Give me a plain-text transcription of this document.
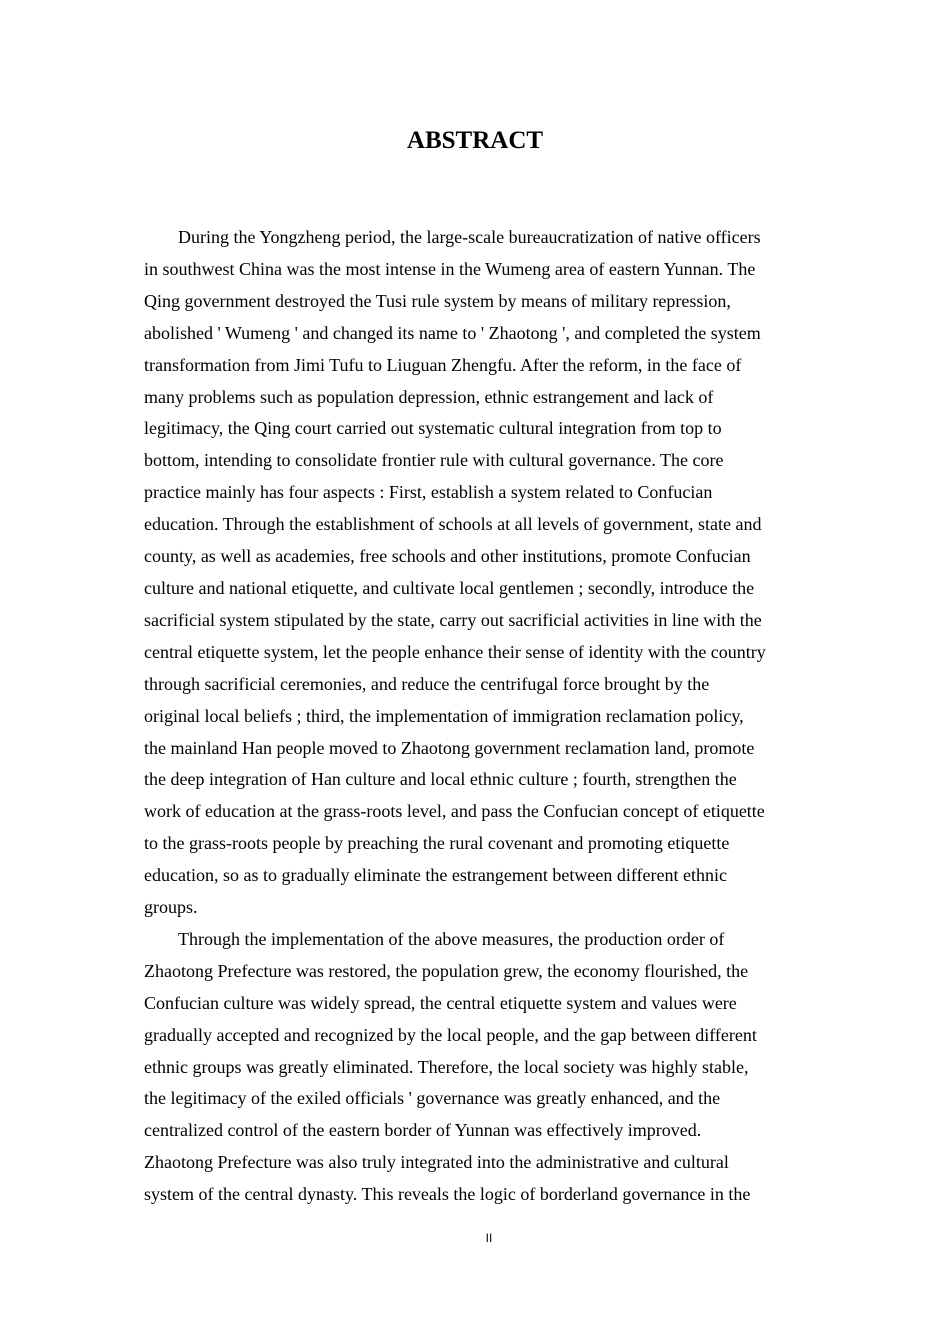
ABSTRACT
During the Yongzheng period, the large-scale bureaucratization of native officers
in southwest China was the most intense in the Wumeng area of eastern Yunnan. The
Qing government destroyed the Tusi rule system by means of military repression,
abolished ' Wumeng ' and changed its name to ' Zhaotong ', and completed the system
transformation from Jimi Tufu to Liuguan Zhengfu. After the reform, in the face of
many problems such as population depression, ethnic estrangement and lack of
legitimacy, the Qing court carried out systematic cultural integration from top to
bottom, intending to consolidate frontier rule with cultural governance. The core
practice mainly has four aspects : First, establish a system related to Confucian
education. Through the establishment of schools at all levels of government, state and
county, as well as academies, free schools and other institutions, promote Confucian
culture and national etiquette, and cultivate local gentlemen ; secondly, introduce the
sacrificial system stipulated by the state, carry out sacrificial activities in line with the
central etiquette system, let the people enhance their sense of identity with the country
through sacrificial ceremonies, and reduce the centrifugal force brought by the
original local beliefs ; third, the implementation of immigration reclamation policy,
the mainland Han people moved to Zhaotong government reclamation land, promote
the deep integration of Han culture and local ethnic culture ; fourth, strengthen the
work of education at the grass-roots level, and pass the Confucian concept of etiquette
to the grass-roots people by preaching the rural covenant and promoting etiquette
education, so as to gradually eliminate the estrangement between different ethnic
groups.
Through the implementation of the above measures, the production order of
Zhaotong Prefecture was restored, the population grew, the economy flourished, the
Confucian culture was widely spread, the central etiquette system and values were
gradually accepted and recognized by the local people, and the gap between different
ethnic groups was greatly eliminated. Therefore, the local society was highly stable,
the legitimacy of the exiled officials ' governance was greatly enhanced, and the
centralized control of the eastern border of Yunnan was effectively improved.
Zhaotong Prefecture was also truly integrated into the administrative and cultural
system of the central dynasty. This reveals the logic of borderland governance in the
II
